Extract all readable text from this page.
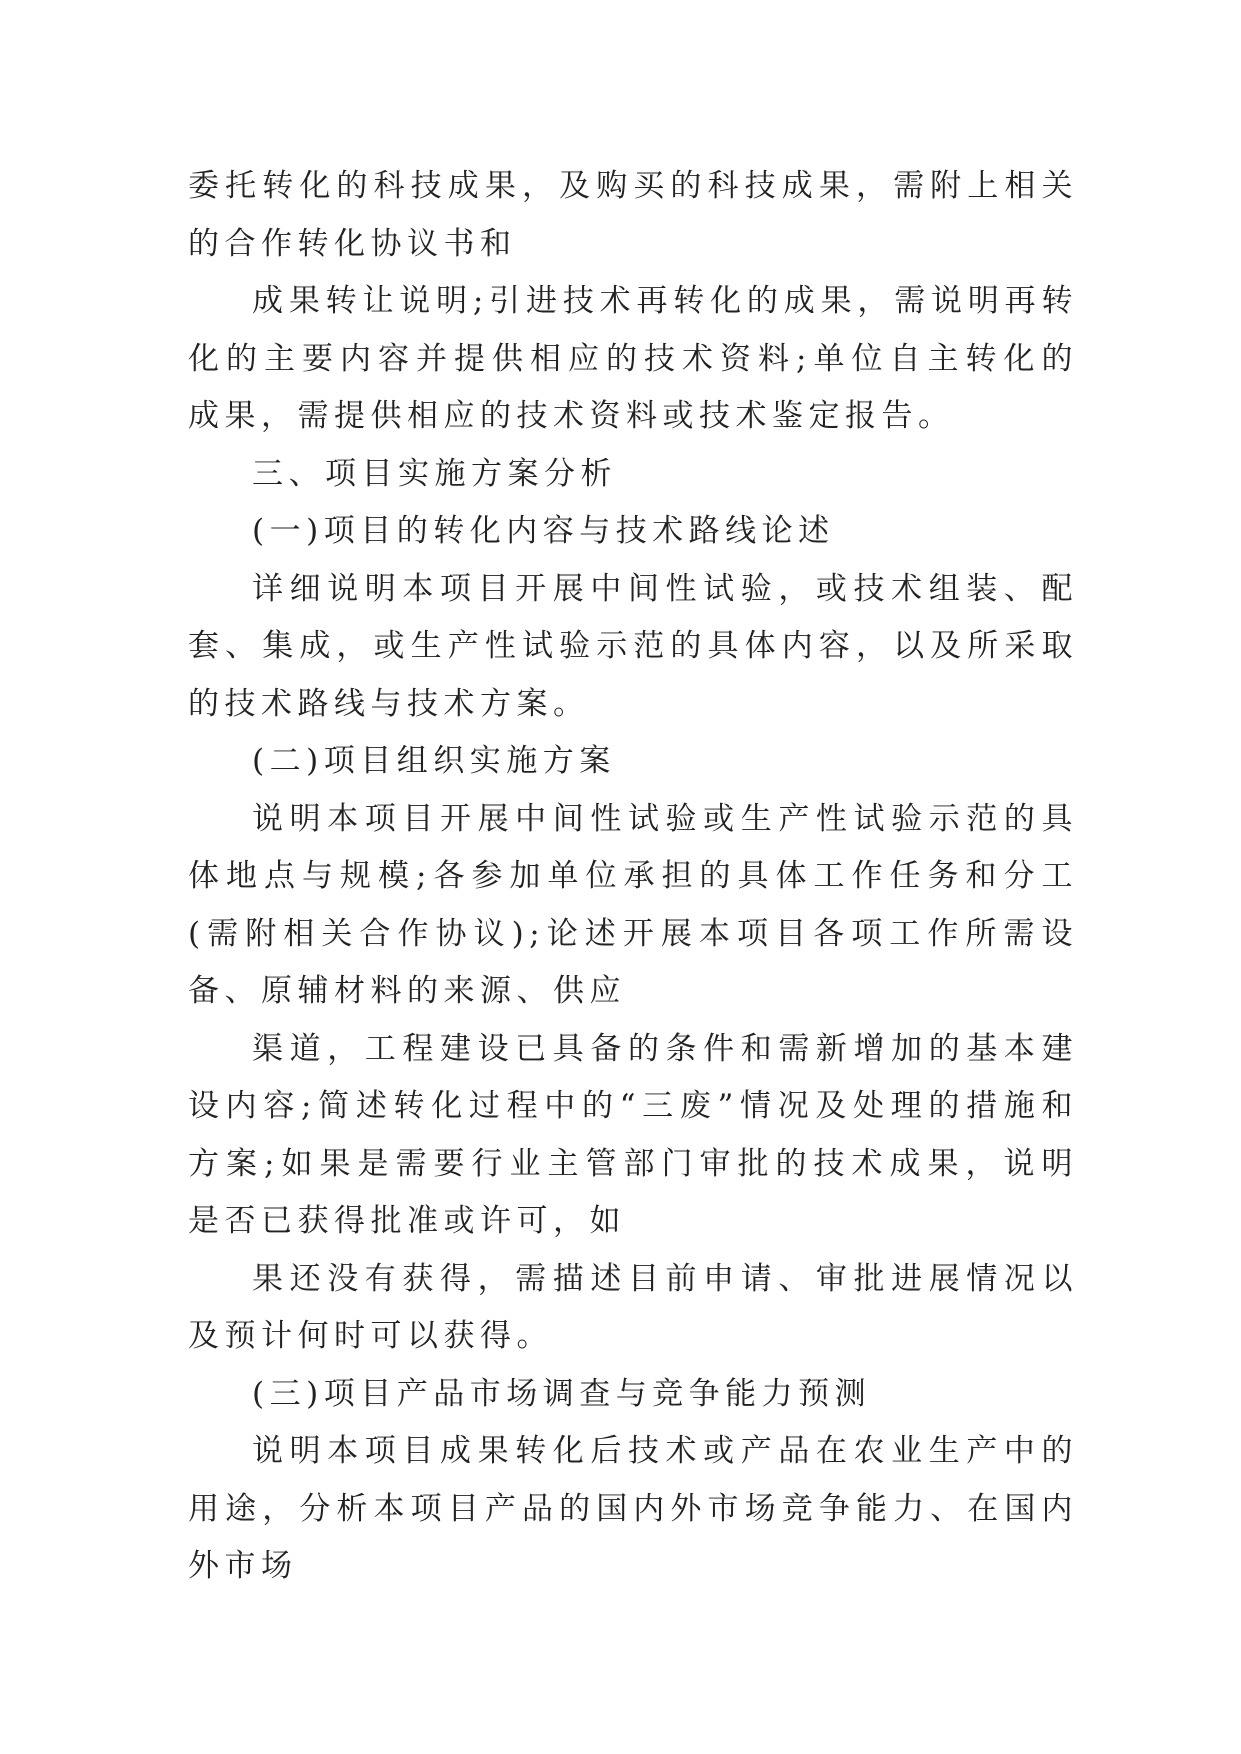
委托转化的科技成果，及购买的科技成果，需附上相关的合作转化协议书和

成果转让说明;引进技术再转化的成果，需说明再转化的主要内容并提供相应的技术资料;单位自主转化的成果，需提供相应的技术资料或技术鉴定报告。

三、项目实施方案分析

(一)项目的转化内容与技术路线论述

详细说明本项目开展中间性试验，或技术组装、配套、集成，或生产性试验示范的具体内容，以及所采取的技术路线与技术方案。

(二)项目组织实施方案

说明本项目开展中间性试验或生产性试验示范的具体地点与规模;各参加单位承担的具体工作任务和分工(需附相关合作协议);论述开展本项目各项工作所需设备、原辅材料的来源、供应

渠道，工程建设已具备的条件和需新增加的基本建设内容;简述转化过程中的“三废”情况及处理的措施和方案;如果是需要行业主管部门审批的技术成果，说明是否已获得批准或许可，如

果还没有获得，需描述目前申请、审批进展情况以及预计何时可以获得。

(三)项目产品市场调查与竞争能力预测

说明本项目成果转化后技术或产品在农业生产中的用途，分析本项目产品的国内外市场竞争能力、在国内外市场
